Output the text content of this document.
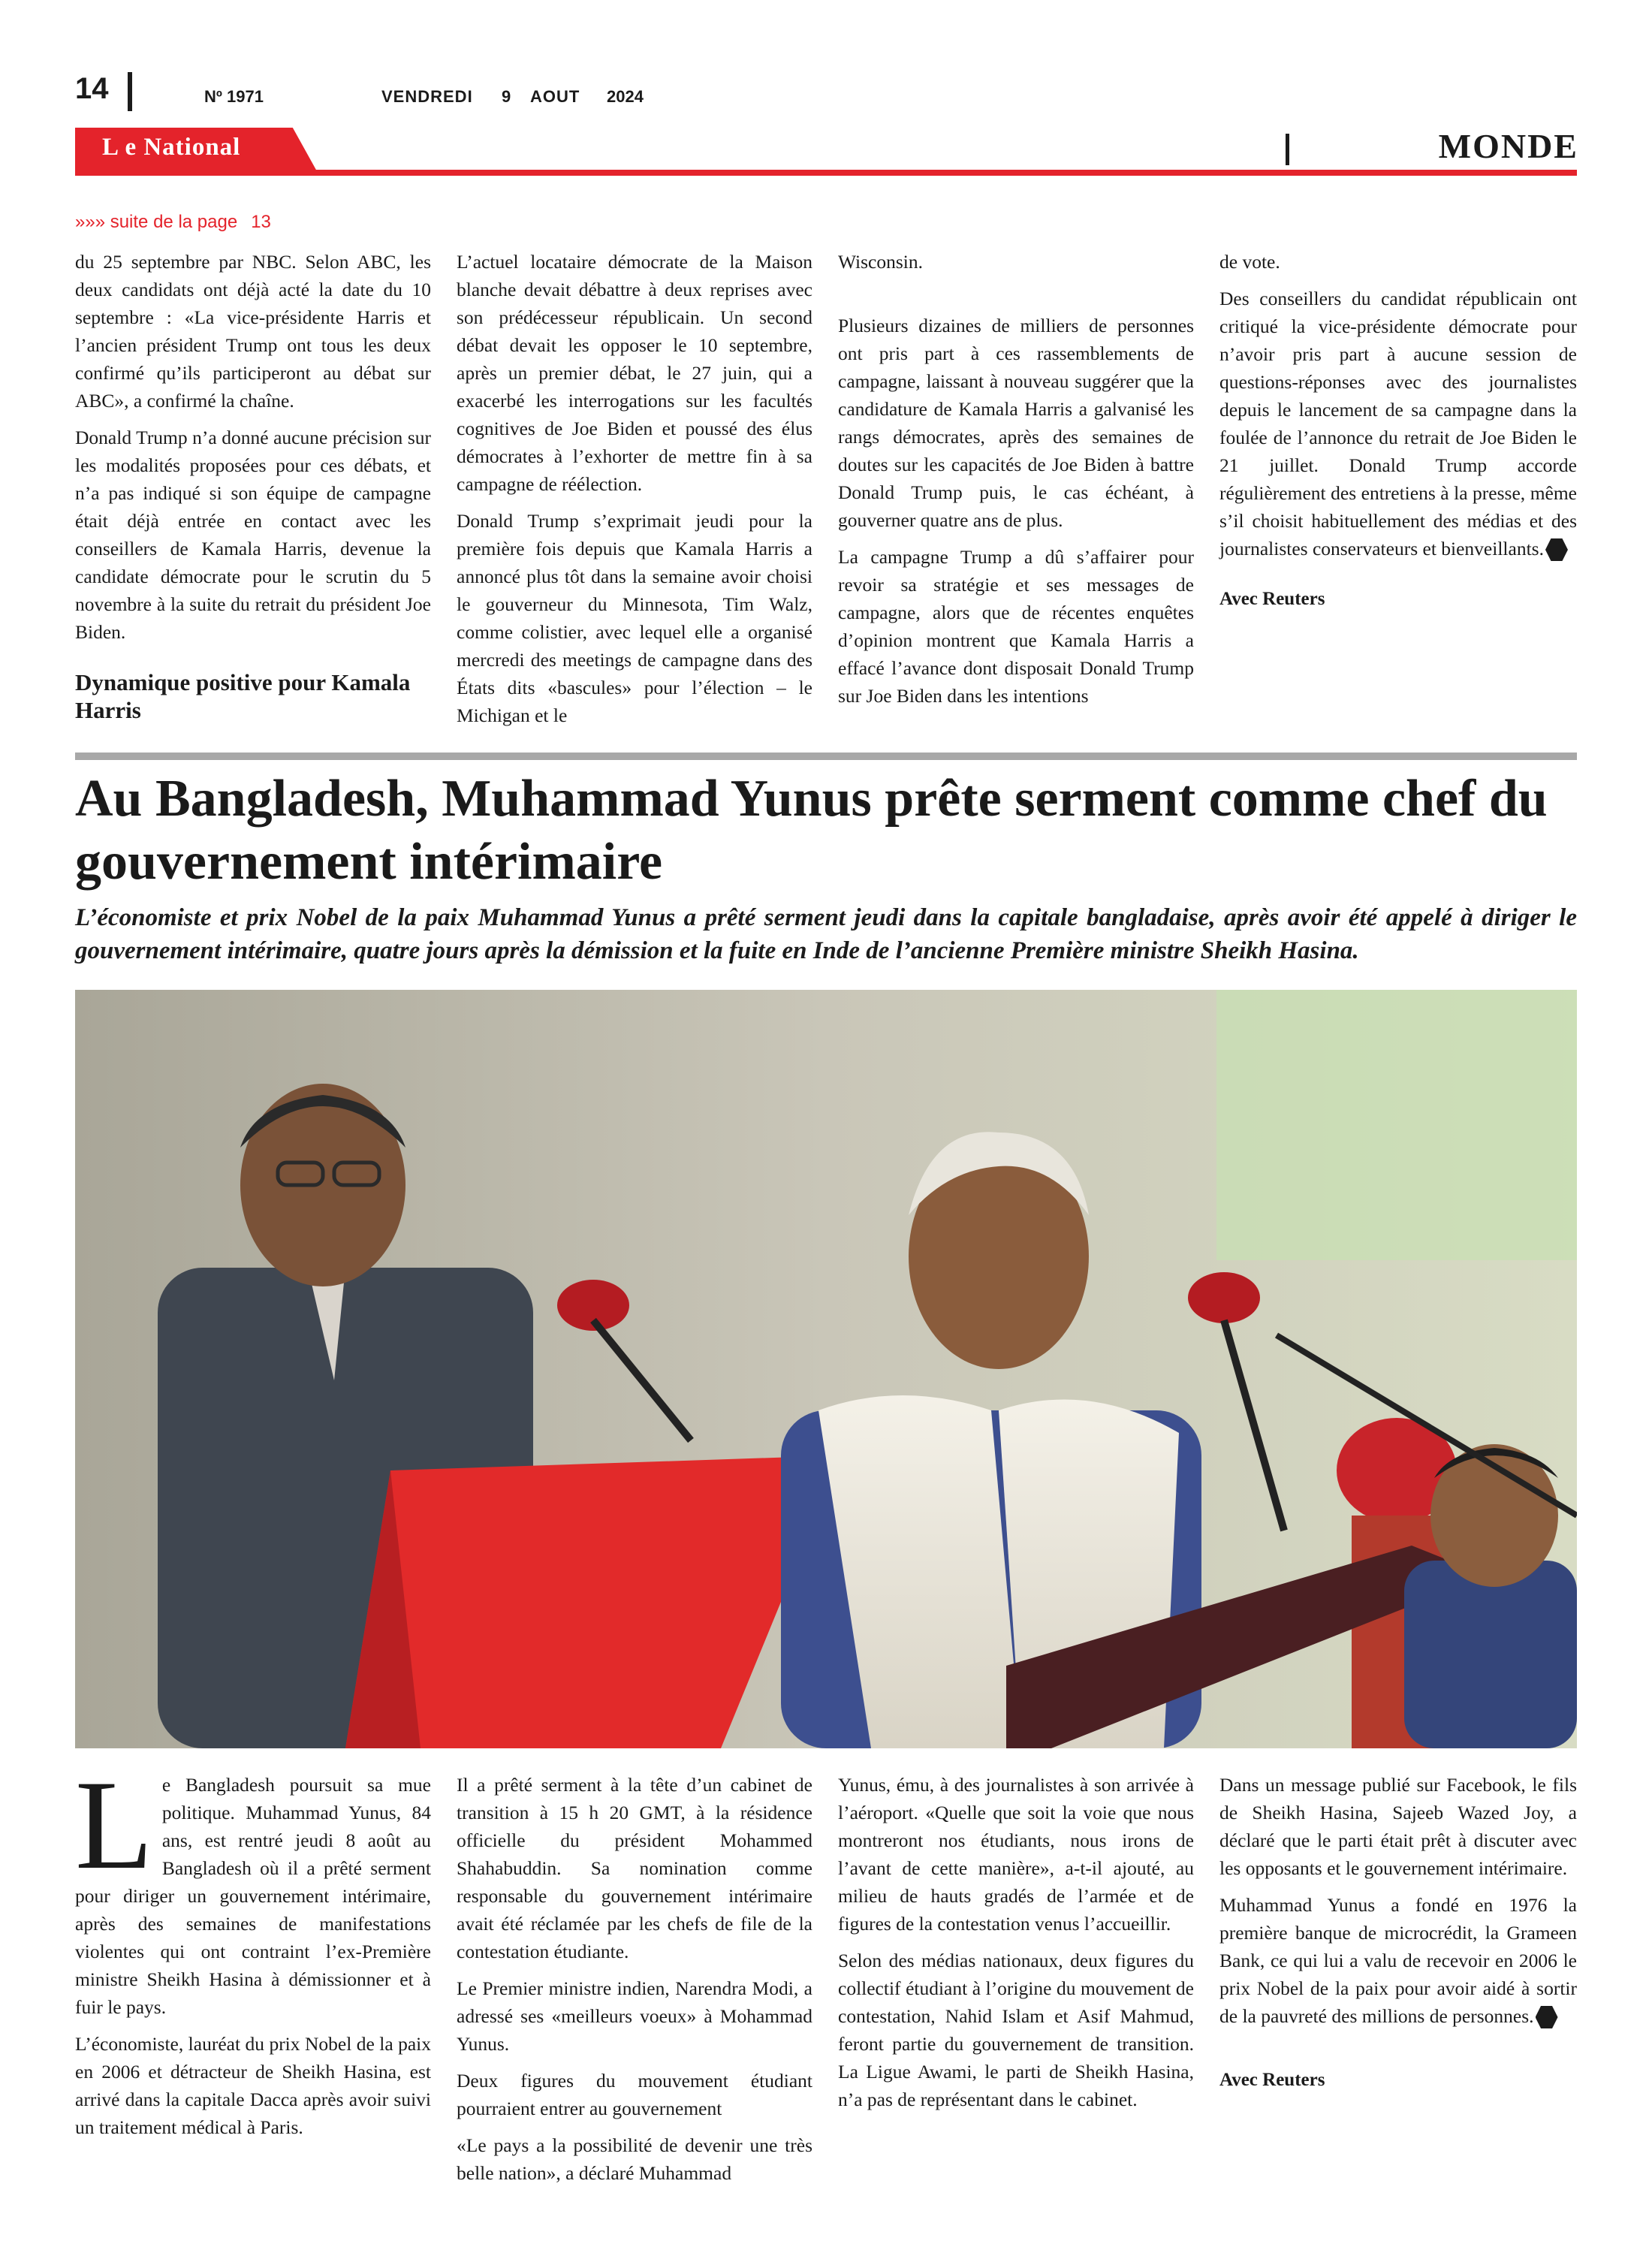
14	Nº 1971	VENDREDI 9 AOUT 2024
L e National	MONDE
»»» suite de la page 13

du 25 septembre par NBC. Selon ABC, les deux candidats ont déjà acté la date du 10 septembre : «La vice-présidente Harris et l’ancien président Trump ont tous les deux confirmé qu’ils participeront au débat sur ABC», a confirmé la chaîne.

Donald Trump n’a donné aucune précision sur les modalités proposées pour ces débats, et n’a pas indiqué si son équipe de campagne était déjà entrée en contact avec les conseillers de Kamala Harris, devenue la candidate démocrate pour le scrutin du 5 novembre à la suite du retrait du président Joe Biden.

Dynamique positive pour Kamala Harris

L’actuel locataire démocrate de la Maison blanche devait débattre à deux reprises avec son prédécesseur républicain. Un second débat devait les opposer le 10 septembre, après un premier débat, le 27 juin, qui a exacerbé les interrogations sur les facultés cognitives de Joe Biden et poussé des élus démocrates à l’exhorter de mettre fin à sa campagne de réélection.

Donald Trump s’exprimait jeudi pour la première fois depuis que Kamala Harris a annoncé plus tôt dans la semaine avoir choisi le gouverneur du Minnesota, Tim Walz, comme colistier, avec lequel elle a organisé mercredi des meetings de campagne dans des États dits «bascules» pour l’élection – le Michigan et le

Wisconsin.

Plusieurs dizaines de milliers de personnes ont pris part à ces rassemblements de campagne, laissant à nouveau suggérer que la candidature de Kamala Harris a galvanisé les rangs démocrates, après des semaines de doutes sur les capacités de Joe Biden à battre Donald Trump puis, le cas échéant, à gouverner quatre ans de plus.

La campagne Trump a dû s’affairer pour revoir sa stratégie et ses messages de campagne, alors que de récentes enquêtes d’opinion montrent que Kamala Harris a effacé l’avance dont disposait Donald Trump sur Joe Biden dans les intentions

de vote.

Des conseillers du candidat républicain ont critiqué la vice-présidente démocrate pour n’avoir pris part à aucune session de questions-réponses avec des journalistes depuis le lancement de sa campagne dans la foulée de l’annonce du retrait de Joe Biden le 21 juillet. Donald Trump accorde régulièrement des entretiens à la presse, même s’il choisit habituellement des médias et des journalistes conservateurs et bienveillants.

Avec Reuters
Au Bangladesh, Muhammad Yunus prête serment comme chef du gouvernement intérimaire
L’économiste et prix Nobel de la paix Muhammad Yunus a prêté serment jeudi dans la capitale bangladaise, après avoir été appelé à diriger le gouvernement intérimaire, quatre jours après la démission et la fuite en Inde de l’ancienne Première ministre Sheikh Hasina.

Le Bangladesh poursuit sa mue politique. Muhammad Yunus, 84 ans, est rentré jeudi 8 août au Bangladesh où il a prêté serment pour diriger un gouvernement intérimaire, après des semaines de manifestations violentes qui ont contraint l’ex-Première ministre Sheikh Hasina à démissionner et à fuir le pays.

L’économiste, lauréat du prix Nobel de la paix en 2006 et détracteur de Sheikh Hasina, est arrivé dans la capitale Dacca après avoir suivi un traitement médical à Paris.

Il a prêté serment à la tête d’un cabinet de transition à 15 h 20 GMT, à la résidence officielle du président Mohammed Shahabuddin. Sa nomination comme responsable du gouvernement intérimaire avait été réclamée par les chefs de file de la contestation étudiante.

Le Premier ministre indien, Narendra Modi, a adressé ses «meilleurs voeux» à Mohammad Yunus.

Deux figures du mouvement étudiant pourraient entrer au gouvernement

«Le pays a la possibilité de devenir une très belle nation», a déclaré Muhammad

Yunus, ému, à des journalistes à son arrivée à l’aéroport. «Quelle que soit la voie que nous montreront nos étudiants, nous irons de l’avant de cette manière», a-t-il ajouté, au milieu de hauts gradés de l’armée et de figures de la contestation venus l’accueillir.

Selon des médias nationaux, deux figures du collectif étudiant à l’origine du mouvement de contestation, Nahid Islam et Asif Mahmud, feront partie du gouvernement de transition. La Ligue Awami, le parti de Sheikh Hasina, n’a pas de représentant dans le cabinet.

Dans un message publié sur Facebook, le fils de Sheikh Hasina, Sajeeb Wazed Joy, a déclaré que le parti était prêt à discuter avec les opposants et le gouvernement intérimaire.

Muhammad Yunus a fondé en 1976 la première banque de microcrédit, la Grameen Bank, ce qui lui a valu de recevoir en 2006 le prix Nobel de la paix pour avoir aidé à sortir de la pauvreté des millions de personnes.

Avec Reuters
